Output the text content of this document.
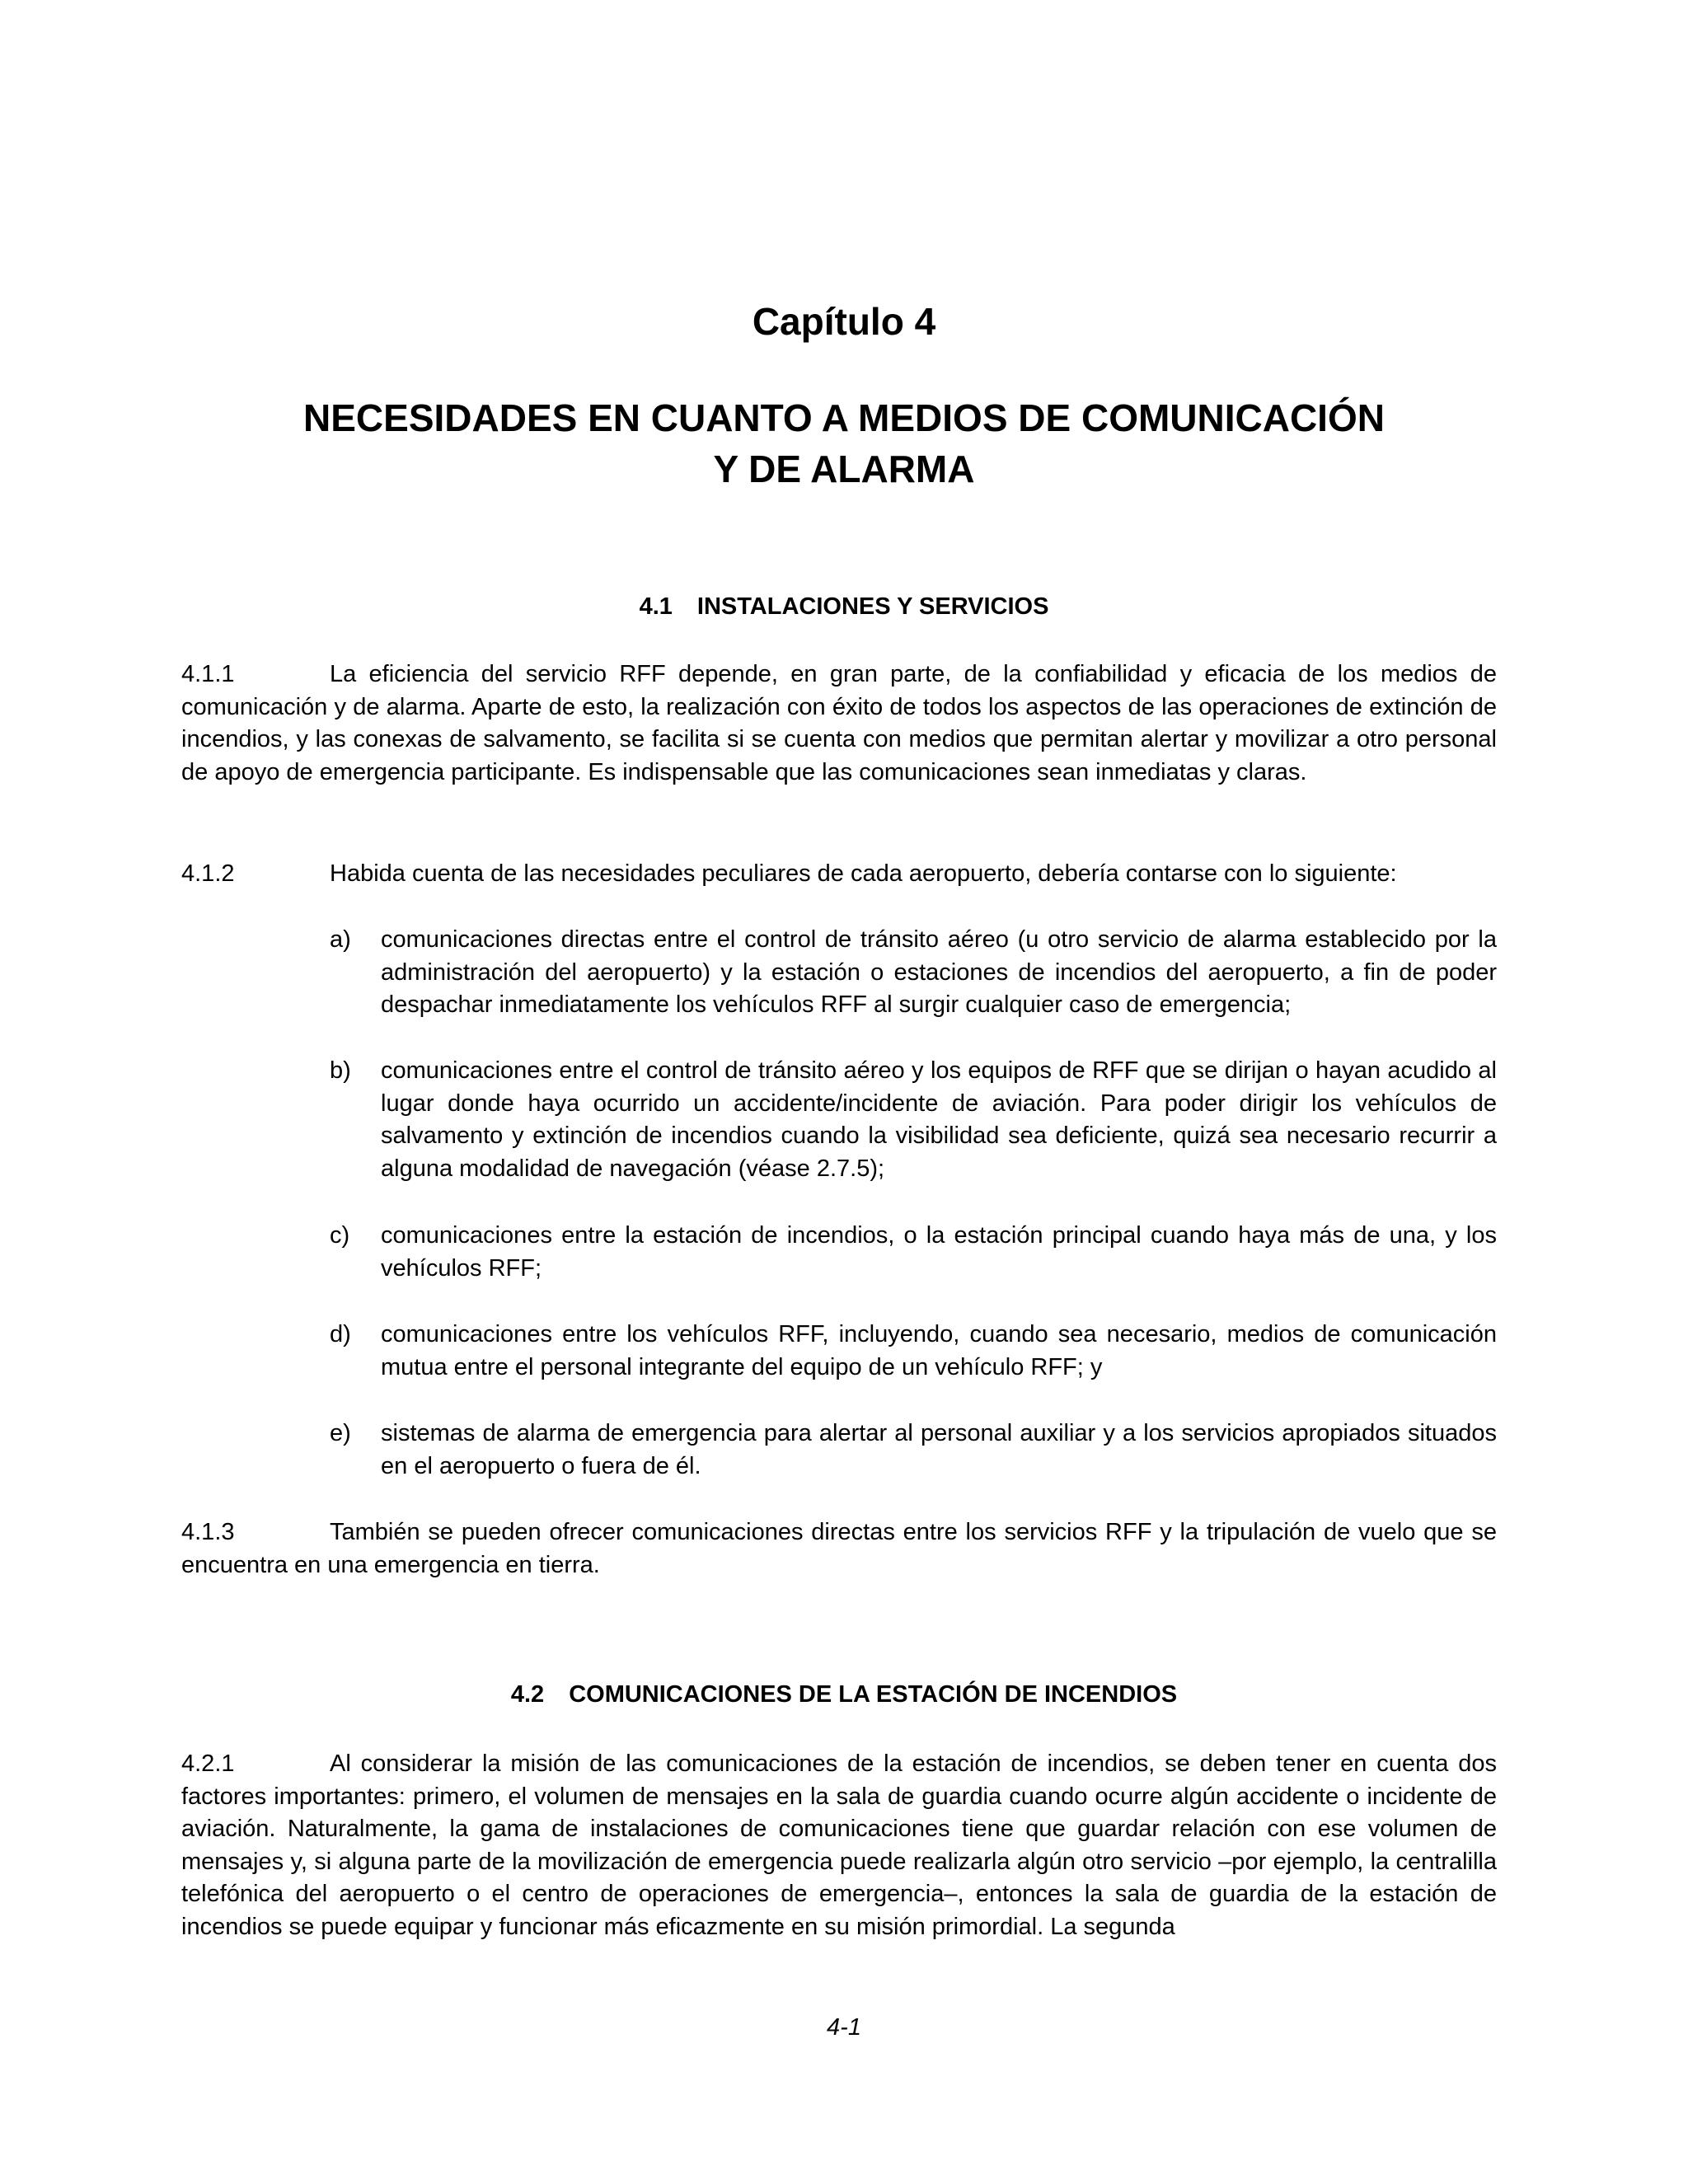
Capítulo 4
NECESIDADES EN CUANTO A MEDIOS DE COMUNICACIÓN
Y DE ALARMA
4.1 INSTALACIONES Y SERVICIOS
4.1.1	La eficiencia del servicio RFF depende, en gran parte, de la confiabilidad y eficacia de los medios de comunicación y de alarma. Aparte de esto, la realización con éxito de todos los aspectos de las operaciones de extinción de incendios, y las conexas de salvamento, se facilita si se cuenta con medios que permitan alertar y movilizar a otro personal de apoyo de emergencia participante. Es indispensable que las comunicaciones sean inmediatas y claras.
4.1.2	Habida cuenta de las necesidades peculiares de cada aeropuerto, debería contarse con lo siguiente:
a) comunicaciones directas entre el control de tránsito aéreo (u otro servicio de alarma establecido por la administración del aeropuerto) y la estación o estaciones de incendios del aeropuerto, a fin de poder despachar inmediatamente los vehículos RFF al surgir cualquier caso de emergencia;
b) comunicaciones entre el control de tránsito aéreo y los equipos de RFF que se dirijan o hayan acudido al lugar donde haya ocurrido un accidente/incidente de aviación. Para poder dirigir los vehículos de salvamento y extinción de incendios cuando la visibilidad sea deficiente, quizá sea necesario recurrir a alguna modalidad de navegación (véase 2.7.5);
c) comunicaciones entre la estación de incendios, o la estación principal cuando haya más de una, y los vehículos RFF;
d) comunicaciones entre los vehículos RFF, incluyendo, cuando sea necesario, medios de comunicación mutua entre el personal integrante del equipo de un vehículo RFF; y
e) sistemas de alarma de emergencia para alertar al personal auxiliar y a los servicios apropiados situados en el aeropuerto o fuera de él.
4.1.3	También se pueden ofrecer comunicaciones directas entre los servicios RFF y la tripulación de vuelo que se encuentra en una emergencia en tierra.
4.2 COMUNICACIONES DE LA ESTACIÓN DE INCENDIOS
4.2.1	Al considerar la misión de las comunicaciones de la estación de incendios, se deben tener en cuenta dos factores importantes: primero, el volumen de mensajes en la sala de guardia cuando ocurre algún accidente o incidente de aviación. Naturalmente, la gama de instalaciones de comunicaciones tiene que guardar relación con ese volumen de mensajes y, si alguna parte de la movilización de emergencia puede realizarla algún otro servicio –por ejemplo, la centralilla telefónica del aeropuerto o el centro de operaciones de emergencia–, entonces la sala de guardia de la estación de incendios se puede equipar y funcionar más eficazmente en su misión primordial. La segunda
4-1
